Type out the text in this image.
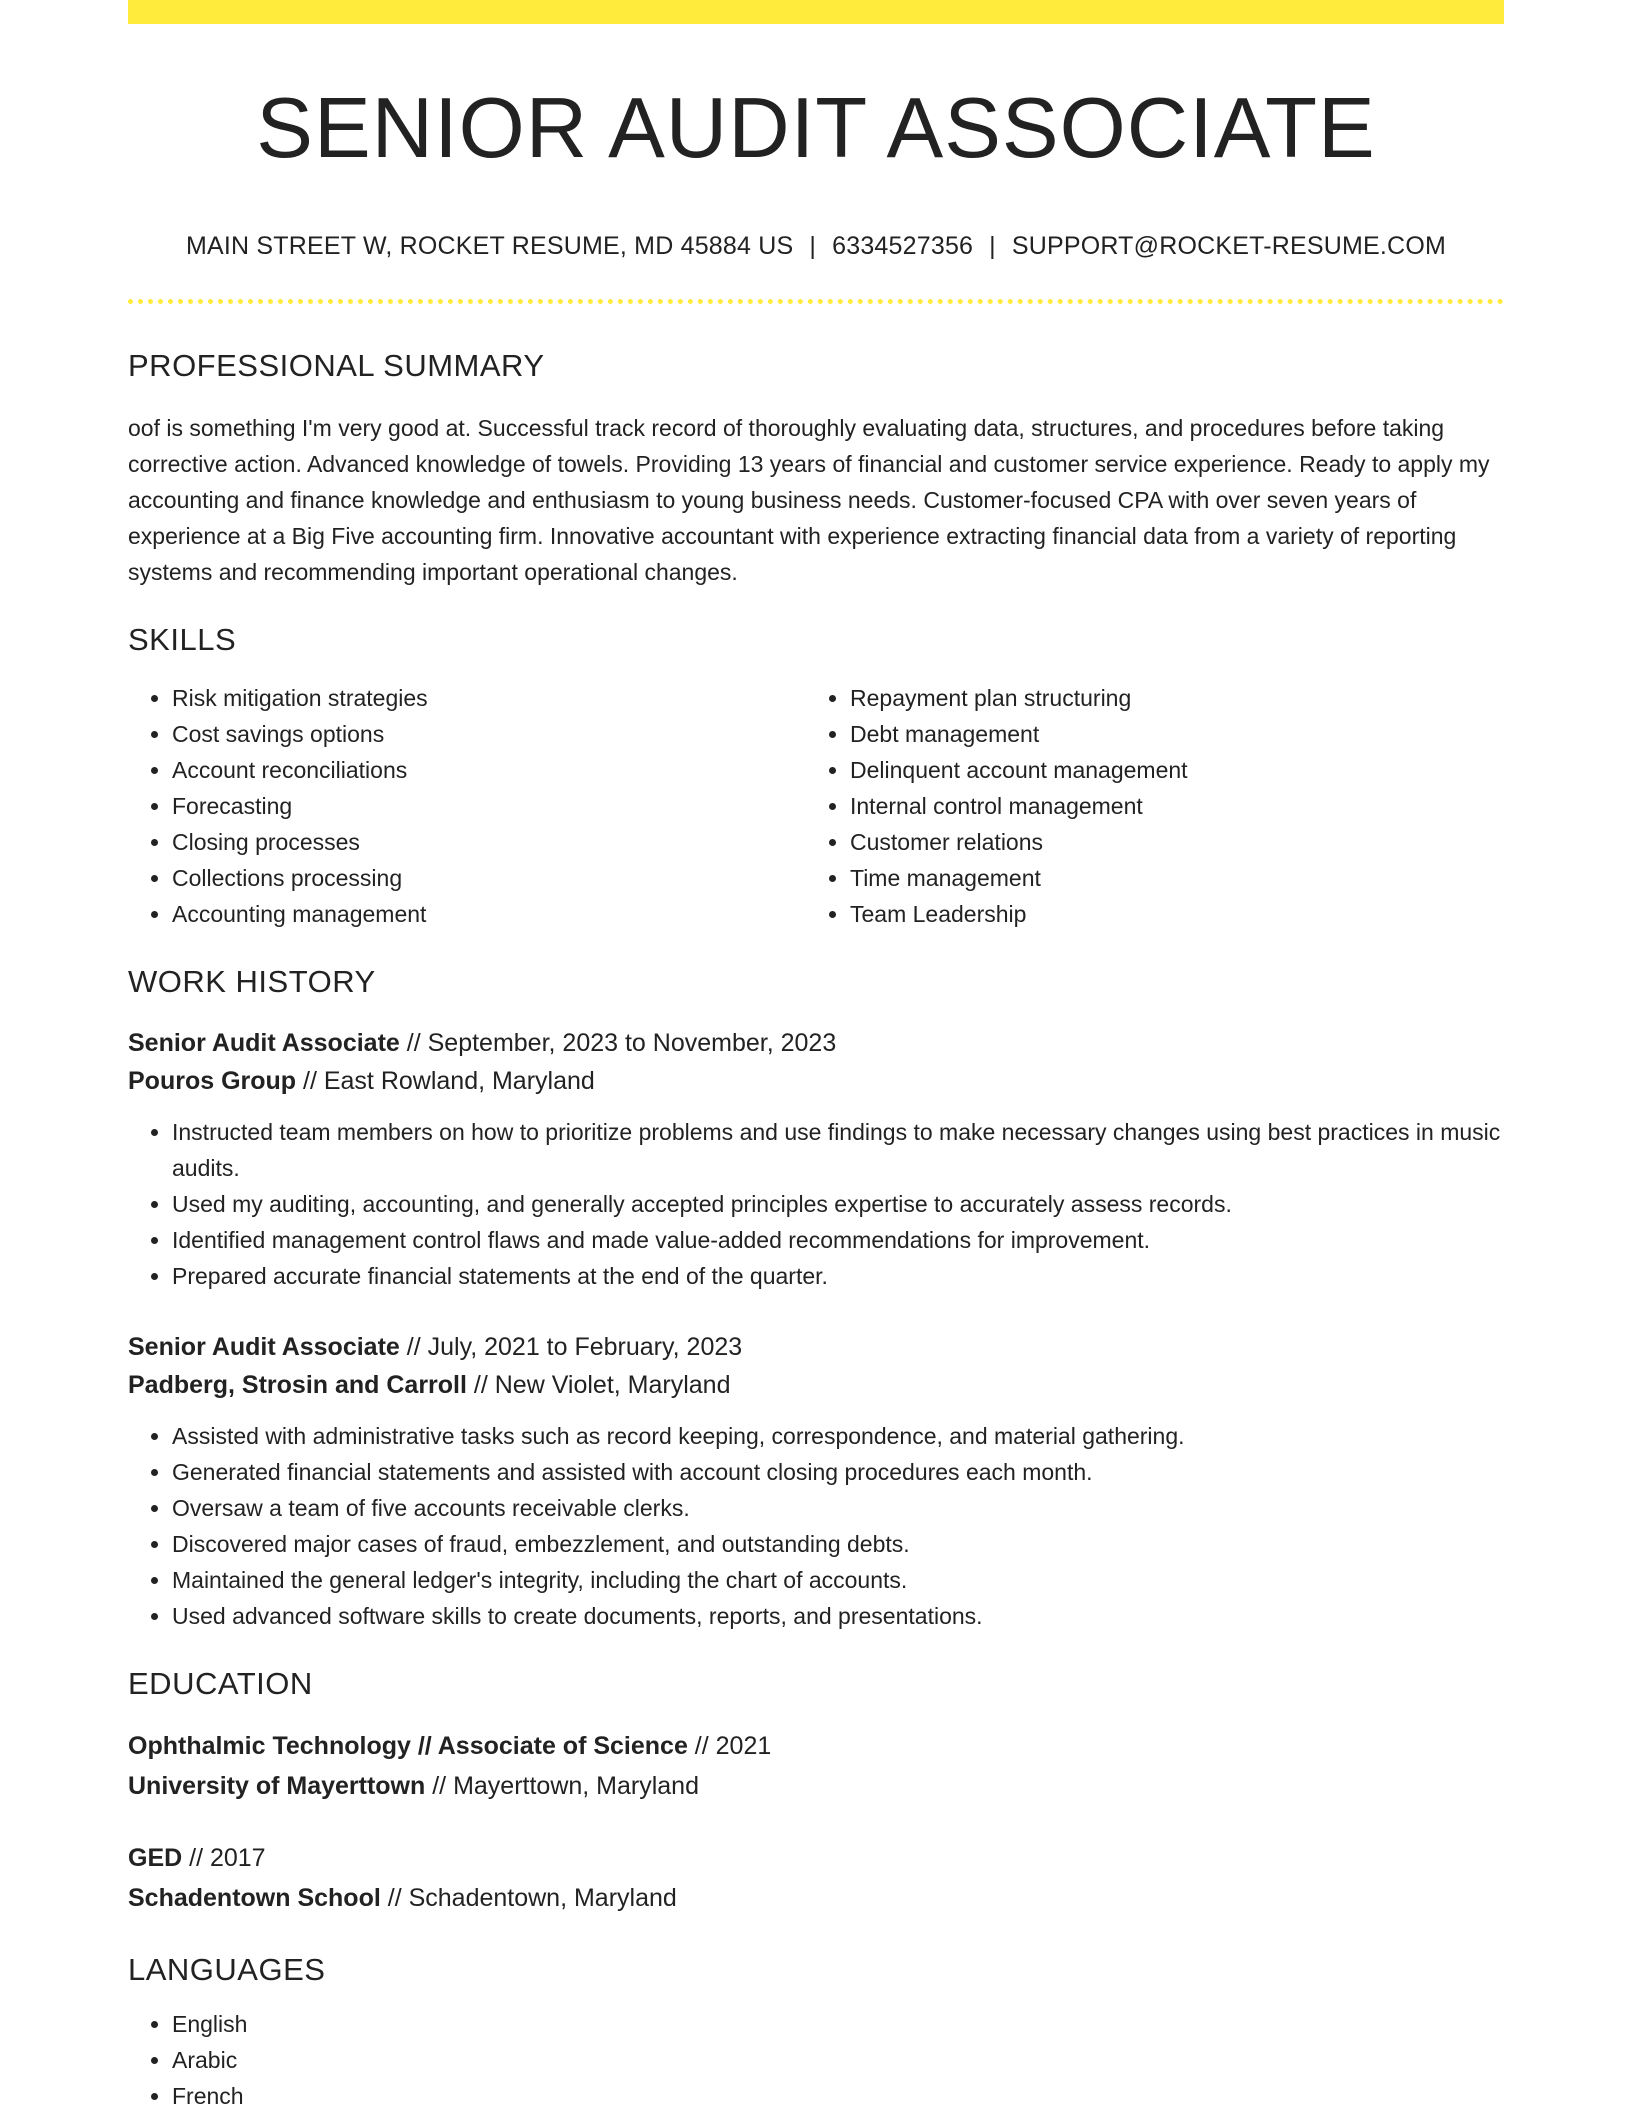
SENIOR AUDIT ASSOCIATE
MAIN STREET W, ROCKET RESUME, MD 45884 US | 6334527356 | SUPPORT@ROCKET-RESUME.COM
PROFESSIONAL SUMMARY

oof is something I'm very good at. Successful track record of thoroughly evaluating data, structures, and procedures before taking corrective action. Advanced knowledge of towels. Providing 13 years of financial and customer service experience. Ready to apply my accounting and finance knowledge and enthusiasm to young business needs. Customer-focused CPA with over seven years of experience at a Big Five accounting firm. Innovative accountant with experience extracting financial data from a variety of reporting systems and recommending important operational changes.

SKILLS
• Risk mitigation strategies
• Cost savings options
• Account reconciliations
• Forecasting
• Closing processes
• Collections processing
• Accounting management
• Repayment plan structuring
• Debt management
• Delinquent account management
• Internal control management
• Customer relations
• Time management
• Team Leadership
WORK HISTORY
Senior Audit Associate // September, 2023 to November, 2023
Pouros Group // East Rowland, Maryland
• Instructed team members on how to prioritize problems and use findings to make necessary changes using best practices in music audits.
• Used my auditing, accounting, and generally accepted principles expertise to accurately assess records.
• Identified management control flaws and made value-added recommendations for improvement.
• Prepared accurate financial statements at the end of the quarter.
Senior Audit Associate // July, 2021 to February, 2023
Padberg, Strosin and Carroll // New Violet, Maryland
• Assisted with administrative tasks such as record keeping, correspondence, and material gathering.
• Generated financial statements and assisted with account closing procedures each month.
• Oversaw a team of five accounts receivable clerks.
• Discovered major cases of fraud, embezzlement, and outstanding debts.
• Maintained the general ledger's integrity, including the chart of accounts.
• Used advanced software skills to create documents, reports, and presentations.
EDUCATION
Ophthalmic Technology // Associate of Science // 2021
University of Mayerttown // Mayerttown, Maryland
GED // 2017
Schadentown School // Schadentown, Maryland
LANGUAGES
• English
• Arabic
• French
